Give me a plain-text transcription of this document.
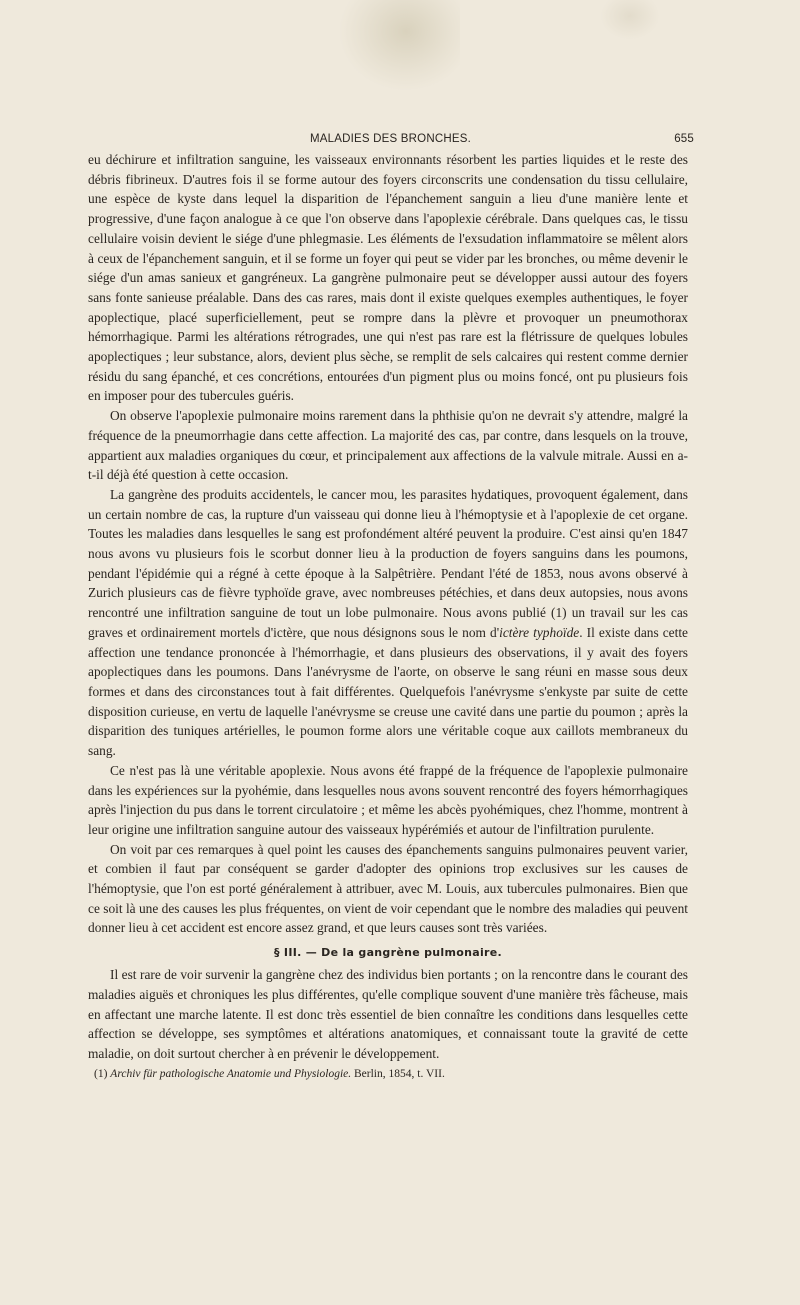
MALADIES DES BRONCHES.	655

eu déchirure et infiltration sanguine, les vaisseaux environnants résorbent les parties liquides et le reste des débris fibrineux. D'autres fois il se forme autour des foyers circonscrits une condensation du tissu cellulaire, une espèce de kyste dans lequel la disparition de l'épanchement sanguin a lieu d'une manière lente et progressive, d'une façon analogue à ce que l'on observe dans l'apoplexie cérébrale. Dans quelques cas, le tissu cellulaire voisin devient le siége d'une phlegmasie. Les éléments de l'exsudation inflammatoire se mêlent alors à ceux de l'épanchement sanguin, et il se forme un foyer qui peut se vider par les bronches, ou même devenir le siége d'un amas sanieux et gangréneux. La gangrène pulmonaire peut se développer aussi autour des foyers sans fonte sanieuse préalable. Dans des cas rares, mais dont il existe quelques exemples authentiques, le foyer apoplectique, placé superficiellement, peut se rompre dans la plèvre et provoquer un pneumothorax hémorrhagique. Parmi les altérations rétrogrades, une qui n'est pas rare est la flétrissure de quelques lobules apoplectiques ; leur substance, alors, devient plus sèche, se remplit de sels calcaires qui restent comme dernier résidu du sang épanché, et ces concrétions, entourées d'un pigment plus ou moins foncé, ont pu plusieurs fois en imposer pour des tubercules guéris.

On observe l'apoplexie pulmonaire moins rarement dans la phthisie qu'on ne devrait s'y attendre, malgré la fréquence de la pneumorrhagie dans cette affection. La majorité des cas, par contre, dans lesquels on la trouve, appartient aux maladies organiques du cœur, et principalement aux affections de la valvule mitrale. Aussi en a-t-il déjà été question à cette occasion.

La gangrène des produits accidentels, le cancer mou, les parasites hydatiques, provoquent également, dans un certain nombre de cas, la rupture d'un vaisseau qui donne lieu à l'hémoptysie et à l'apoplexie de cet organe. Toutes les maladies dans lesquelles le sang est profondément altéré peuvent la produire. C'est ainsi qu'en 1847 nous avons vu plusieurs fois le scorbut donner lieu à la production de foyers sanguins dans les poumons, pendant l'épidémie qui a régné à cette époque à la Salpêtrière. Pendant l'été de 1853, nous avons observé à Zurich plusieurs cas de fièvre typhoïde grave, avec nombreuses pétéchies, et dans deux autopsies, nous avons rencontré une infiltration sanguine de tout un lobe pulmonaire. Nous avons publié (1) un travail sur les cas graves et ordinairement mortels d'ictère, que nous désignons sous le nom d'ictère typhoïde. Il existe dans cette affection une tendance prononcée à l'hémorrhagie, et dans plusieurs des observations, il y avait des foyers apoplectiques dans les poumons. Dans l'anévrysme de l'aorte, on observe le sang réuni en masse sous deux formes et dans des circonstances tout à fait différentes. Quelquefois l'anévrysme s'enkyste par suite de cette disposition curieuse, en vertu de laquelle l'anévrysme se creuse une cavité dans une partie du poumon ; après la disparition des tuniques artérielles, le poumon forme alors une véritable coque aux caillots membraneux du sang.

Ce n'est pas là une véritable apoplexie. Nous avons été frappé de la fréquence de l'apoplexie pulmonaire dans les expériences sur la pyohémie, dans lesquelles nous avons souvent rencontré des foyers hémorrhagiques après l'injection du pus dans le torrent circulatoire ; et même les abcès pyohémiques, chez l'homme, montrent à leur origine une infiltration sanguine autour des vaisseaux hypérémiés et autour de l'infiltration purulente.

On voit par ces remarques à quel point les causes des épanchements sanguins pulmonaires peuvent varier, et combien il faut par conséquent se garder d'adopter des opinions trop exclusives sur les causes de l'hémoptysie, que l'on est porté généralement à attribuer, avec M. Louis, aux tubercules pulmonaires. Bien que ce soit là une des causes les plus fréquentes, on vient de voir cependant que le nombre des maladies qui peuvent donner lieu à cet accident est encore assez grand, et que leurs causes sont très variées.

§ III. — De la gangrène pulmonaire.

Il est rare de voir survenir la gangrène chez des individus bien portants ; on la rencontre dans le courant des maladies aiguës et chroniques les plus différentes, qu'elle complique souvent d'une manière très fâcheuse, mais en affectant une marche latente. Il est donc très essentiel de bien connaître les conditions dans lesquelles cette affection se développe, ses symptômes et altérations anatomiques, et connaissant toute la gravité de cette maladie, on doit surtout chercher à en prévenir le développement.

(1) Archiv für pathologische Anatomie und Physiologie. Berlin, 1854, t. VII.
